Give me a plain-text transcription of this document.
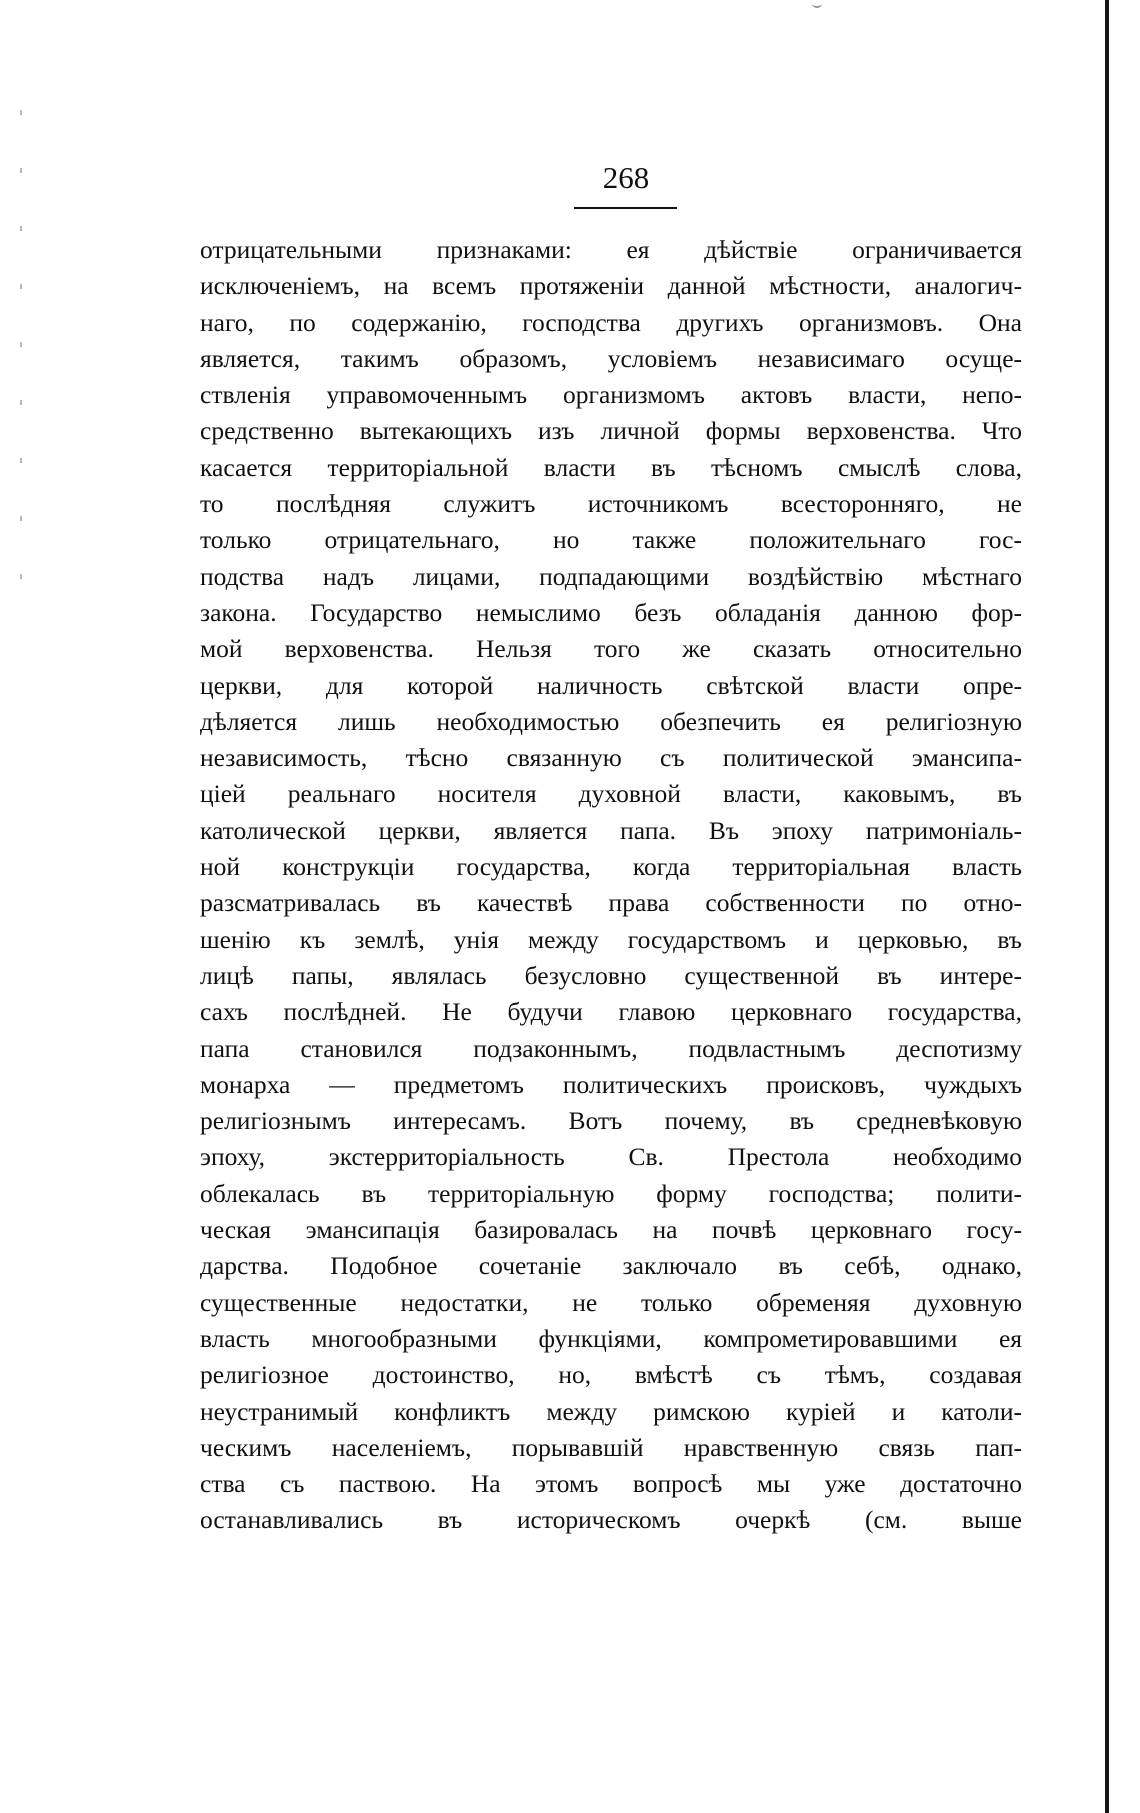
268
отрицательными признаками: ея дѣйствіе ограничивается
исключеніемъ, на всемъ протяженіи данной мѣстности, аналогич-
наго, по содержанію, господства другихъ организмовъ. Она
является, такимъ образомъ, условіемъ независимаго осуще-
ствленія управомоченнымъ организмомъ актовъ власти, непо-
средственно вытекающихъ изъ личной формы верховенства. Что
касается территоріальной власти въ тѣсномъ смыслѣ слова,
то послѣдняя служитъ источникомъ всесторонняго, не
только отрицательнаго, но также положительнаго гос-
подства надъ лицами, подпадающими воздѣйствію мѣстнаго
закона. Государство немыслимо безъ обладанія данною фор-
мой верховенства. Нельзя того же сказать относительно
церкви, для которой наличность свѣтской власти опре-
дѣляется лишь необходимостью обезпечить ея религіозную
независимость, тѣсно связанную съ политической эмансипа-
ціей реальнаго носителя духовной власти, каковымъ, въ
католической церкви, является папа. Въ эпоху патримоніаль-
ной конструкціи государства, когда территоріальная власть
разсматривалась въ качествѣ права собственности по отно-
шенію къ землѣ, унія между государствомъ и церковью, въ
лицѣ папы, являлась безусловно существенной въ интере-
сахъ послѣдней. Не будучи главою церковнаго государства,
папа становился подзаконнымъ, подвластнымъ деспотизму
монарха — предметомъ политическихъ происковъ, чуждыхъ
религіознымъ интересамъ. Вотъ почему, въ средневѣковую
эпоху, экстерриторіальность Св. Престола необходимо
облекалась въ территоріальную форму господства; полити-
ческая эмансипація базировалась на почвѣ церковнаго госу-
дарства. Подобное сочетаніе заключало въ себѣ, однако,
существенные недостатки, не только обременяя духовную
власть многообразными функціями, компрометировавшими ея
религіозное достоинство, но, вмѣстѣ съ тѣмъ, создавая
неустранимый конфликтъ между римскою куріей и католи-
ческимъ населеніемъ, порывавшій нравственную связь пап-
ства съ паствою. На этомъ вопросѣ мы уже достаточно
останавливались въ историческомъ очеркѣ (см. выше
